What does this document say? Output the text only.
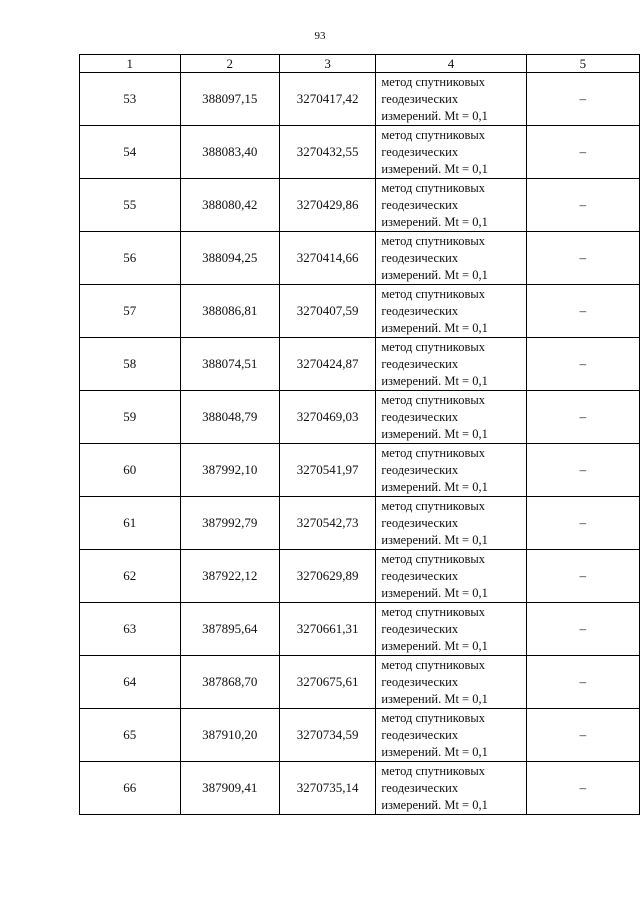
93
1	2	3	4	5
53	388097,15	3270417,42	метод спутниковых
геодезических
измерений. Mt = 0,1	–
54	388083,40	3270432,55	метод спутниковых
геодезических
измерений. Mt = 0,1	–
55	388080,42	3270429,86	метод спутниковых
геодезических
измерений. Mt = 0,1	–
56	388094,25	3270414,66	метод спутниковых
геодезических
измерений. Mt = 0,1	–
57	388086,81	3270407,59	метод спутниковых
геодезических
измерений. Mt = 0,1	–
58	388074,51	3270424,87	метод спутниковых
геодезических
измерений. Mt = 0,1	–
59	388048,79	3270469,03	метод спутниковых
геодезических
измерений. Mt = 0,1	–
60	387992,10	3270541,97	метод спутниковых
геодезических
измерений. Mt = 0,1	–
61	387992,79	3270542,73	метод спутниковых
геодезических
измерений. Mt = 0,1	–
62	387922,12	3270629,89	метод спутниковых
геодезических
измерений. Mt = 0,1	–
63	387895,64	3270661,31	метод спутниковых
геодезических
измерений. Mt = 0,1	–
64	387868,70	3270675,61	метод спутниковых
геодезических
измерений. Mt = 0,1	–
65	387910,20	3270734,59	метод спутниковых
геодезических
измерений. Mt = 0,1	–
66	387909,41	3270735,14	метод спутниковых
геодезических
измерений. Mt = 0,1	–
